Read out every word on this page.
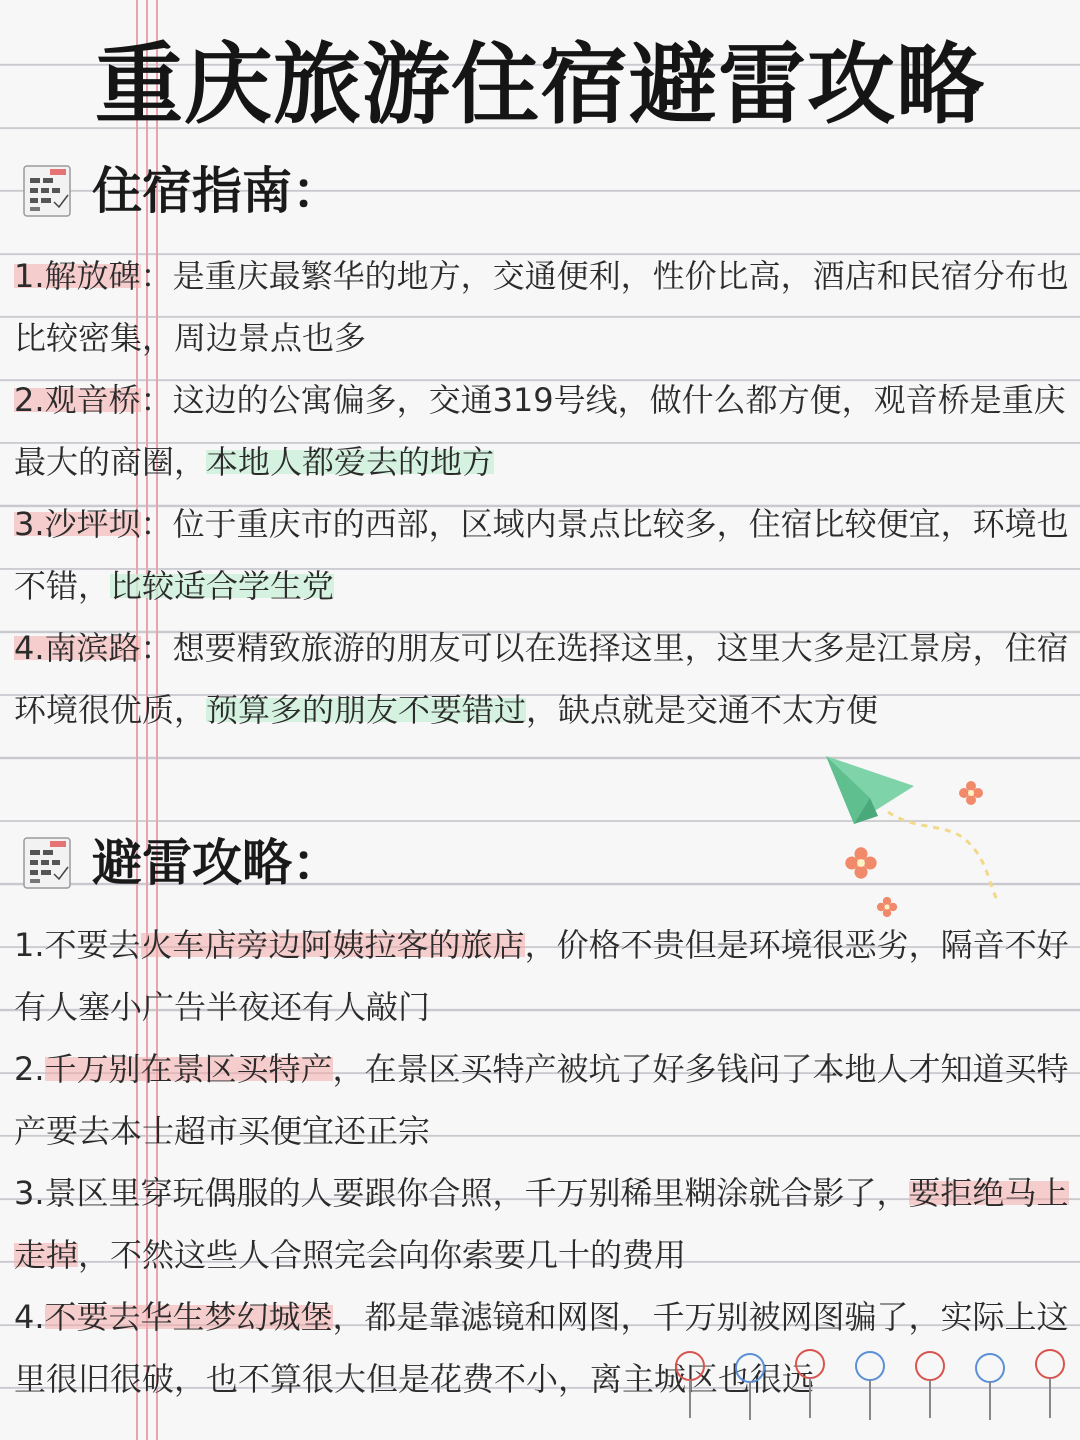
重庆旅游住宿避雷攻略
住宿指南：

1.解放碑：是重庆最繁华的地方，交通便利，性价比高，酒店和民宿分布也比较密集，周边景点也多

2.观音桥：这边的公寓偏多，交通319号线，做什么都方便，观音桥是重庆最大的商圈，本地人都爱去的地方

3.沙坪坝：位于重庆市的西部，区域内景点比较多，住宿比较便宜，环境也不错，比较适合学生党

4.南滨路：想要精致旅游的朋友可以在选择这里，这里大多是江景房，住宿环境很优质，预算多的朋友不要错过，缺点就是交通不太方便

避雷攻略：

1.不要去火车店旁边阿姨拉客的旅店，价格不贵但是环境很恶劣，隔音不好有人塞小广告半夜还有人敲门

2.千万别在景区买特产，在景区买特产被坑了好多钱问了本地人才知道买特产要去本士超市买便宜还正宗

3.景区里穿玩偶服的人要跟你合照，千万别稀里糊涂就合影了，要拒绝马上走掉，不然这些人合照完会向你索要几十的费用

4.不要去华生梦幻城堡，都是靠滤镜和网图，千万别被网图骗了，实际上这里很旧很破，也不算很大但是花费不小，离主城区也很远
